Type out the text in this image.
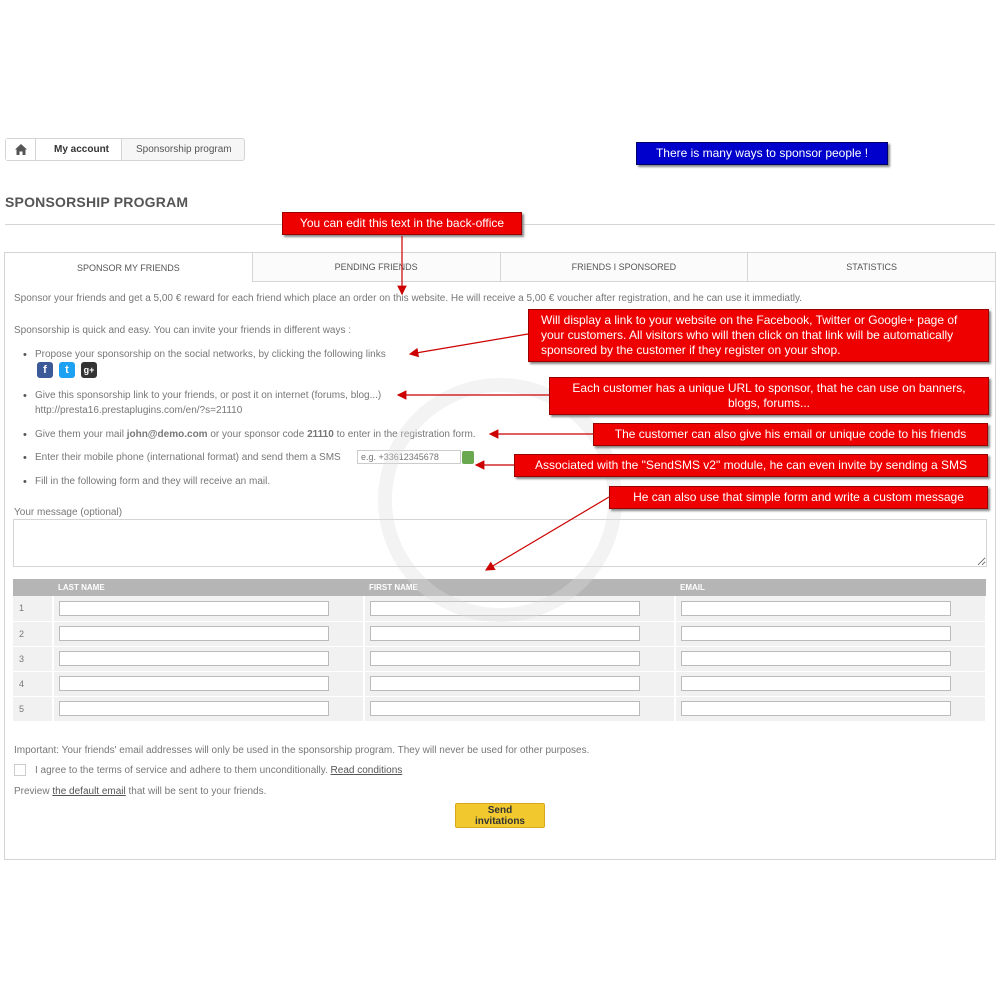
My account	Sponsorship program
SPONSORSHIP PROGRAM
SPONSOR MY FRIENDS	PENDING FRIENDS	FRIENDS I SPONSORED	STATISTICS
Sponsor your friends and get a 5,00 € reward for each friend which place an order on this website. He will receive a 5,00 € voucher after registration, and he can use it immediatly.
Sponsorship is quick and easy. You can invite your friends in different ways :
• Propose your sponsorship on the social networks, by clicking the following links
f	t	g+
• Give this sponsorship link to your friends, or post it on internet (forums, blog...)
http://presta16.prestaplugins.com/en/?s=21110
• Give them your mail john@demo.com or your sponsor code 21110 to enter in the registration form.
• Enter their mobile phone (international format) and send them a SMS
e.g. +33612345678
• Fill in the following form and they will receive an mail.
Your message (optional)
	LAST NAME	FIRST NAME	EMAIL
1	

2	

3	

4	

5	

Important: Your friends' email addresses will only be used in the sponsorship program. They will never be used for other purposes.
I agree to the terms of service and adhere to them unconditionally. Read conditions
Preview the default email that will be sent to your friends.
Send invitations
There is many ways to sponsor people !
You can edit this text in the back-office
Will display a link to your website on the Facebook, Twitter or Google+ page of your customers. All visitors who will then click on that link will be automatically sponsored by the customer if they register on your shop.
Each customer has a unique URL to sponsor, that he can use on banners, blogs, forums...
The customer can also give his email or unique code to his friends
Associated with the "SendSMS v2" module, he can even invite by sending a SMS
He can also use that simple form and write a custom message
